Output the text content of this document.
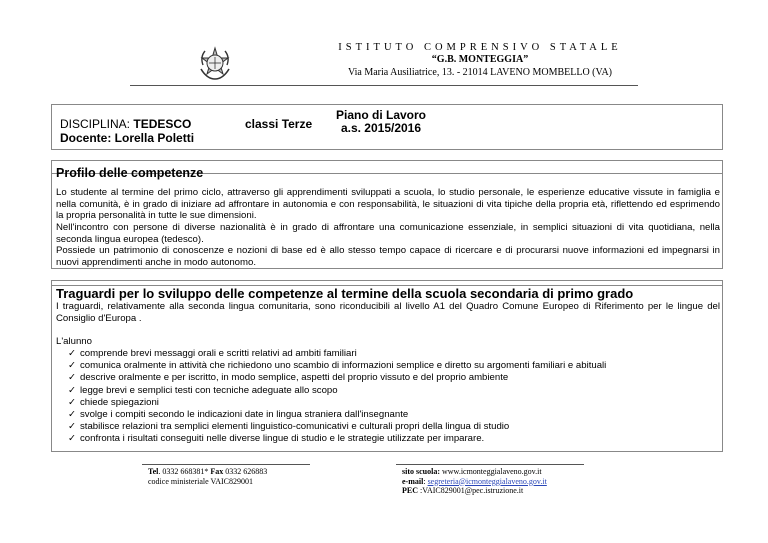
ISTITUTO COMPRENSIVO STATALE
“G.B. MONTEGGIA”
Via Maria Ausiliatrice, 13. - 21014 LAVENO MOMBELLO (VA)
DISCIPLINA: TEDESCO
Docente: Lorella Poletti
classi Terze
Piano di Lavoro
a.s. 2015/2016
Profilo delle competenze

Lo studente al termine del primo ciclo, attraverso gli apprendimenti sviluppati a scuola, lo studio personale, le esperienze educative vissute in famiglia e nella comunità, è in grado di iniziare ad affrontare in autonomia e con responsabilità, le situazioni di vita tipiche della propria età, riflettendo ed esprimendo la propria personalità in tutte le sue dimensioni.

Nell'incontro con persone di diverse nazionalità è in grado di affrontare una comunicazione essenziale, in semplici situazioni di vita quotidiana, nella seconda lingua europea (tedesco).

Possiede un patrimonio di conoscenze e nozioni di base ed è allo stesso tempo capace di ricercare e di procurarsi nuove informazioni ed impegnarsi in nuovi apprendimenti anche in modo autonomo.

Traguardi per lo sviluppo delle competenze al termine della scuola secondaria di primo grado

I traguardi, relativamente alla seconda lingua comunitaria, sono riconducibili al livello A1 del Quadro Comune Europeo di Riferimento per le lingue del Consiglio d'Europa .

L'alunno
✓ comprende brevi messaggi orali e scritti relativi ad ambiti familiari
✓ comunica oralmente in attività che richiedono uno scambio di informazioni semplice e diretto su argomenti familiari e abituali
✓ descrive oralmente e per iscritto, in modo semplice, aspetti del proprio vissuto e del proprio ambiente
✓ legge brevi e semplici testi con tecniche adeguate allo scopo
✓ chiede spiegazioni
✓ svolge i compiti secondo le indicazioni date in lingua straniera dall'insegnante
✓ stabilisce relazioni tra semplici elementi linguistico-comunicativi e culturali propri della lingua di studio
✓ confronta i risultati conseguiti nelle diverse lingue di studio e le strategie utilizzate per imparare.
Tel. 0332 668381* Fax 0332 626883
codice ministeriale VAIC829001
sito scuola: www.icmonteggialaveno.gov.it
e-mail: segreteria@icmonteggialaveno.gov.it
PEC :VAIC829001@pec.istruzione.it
